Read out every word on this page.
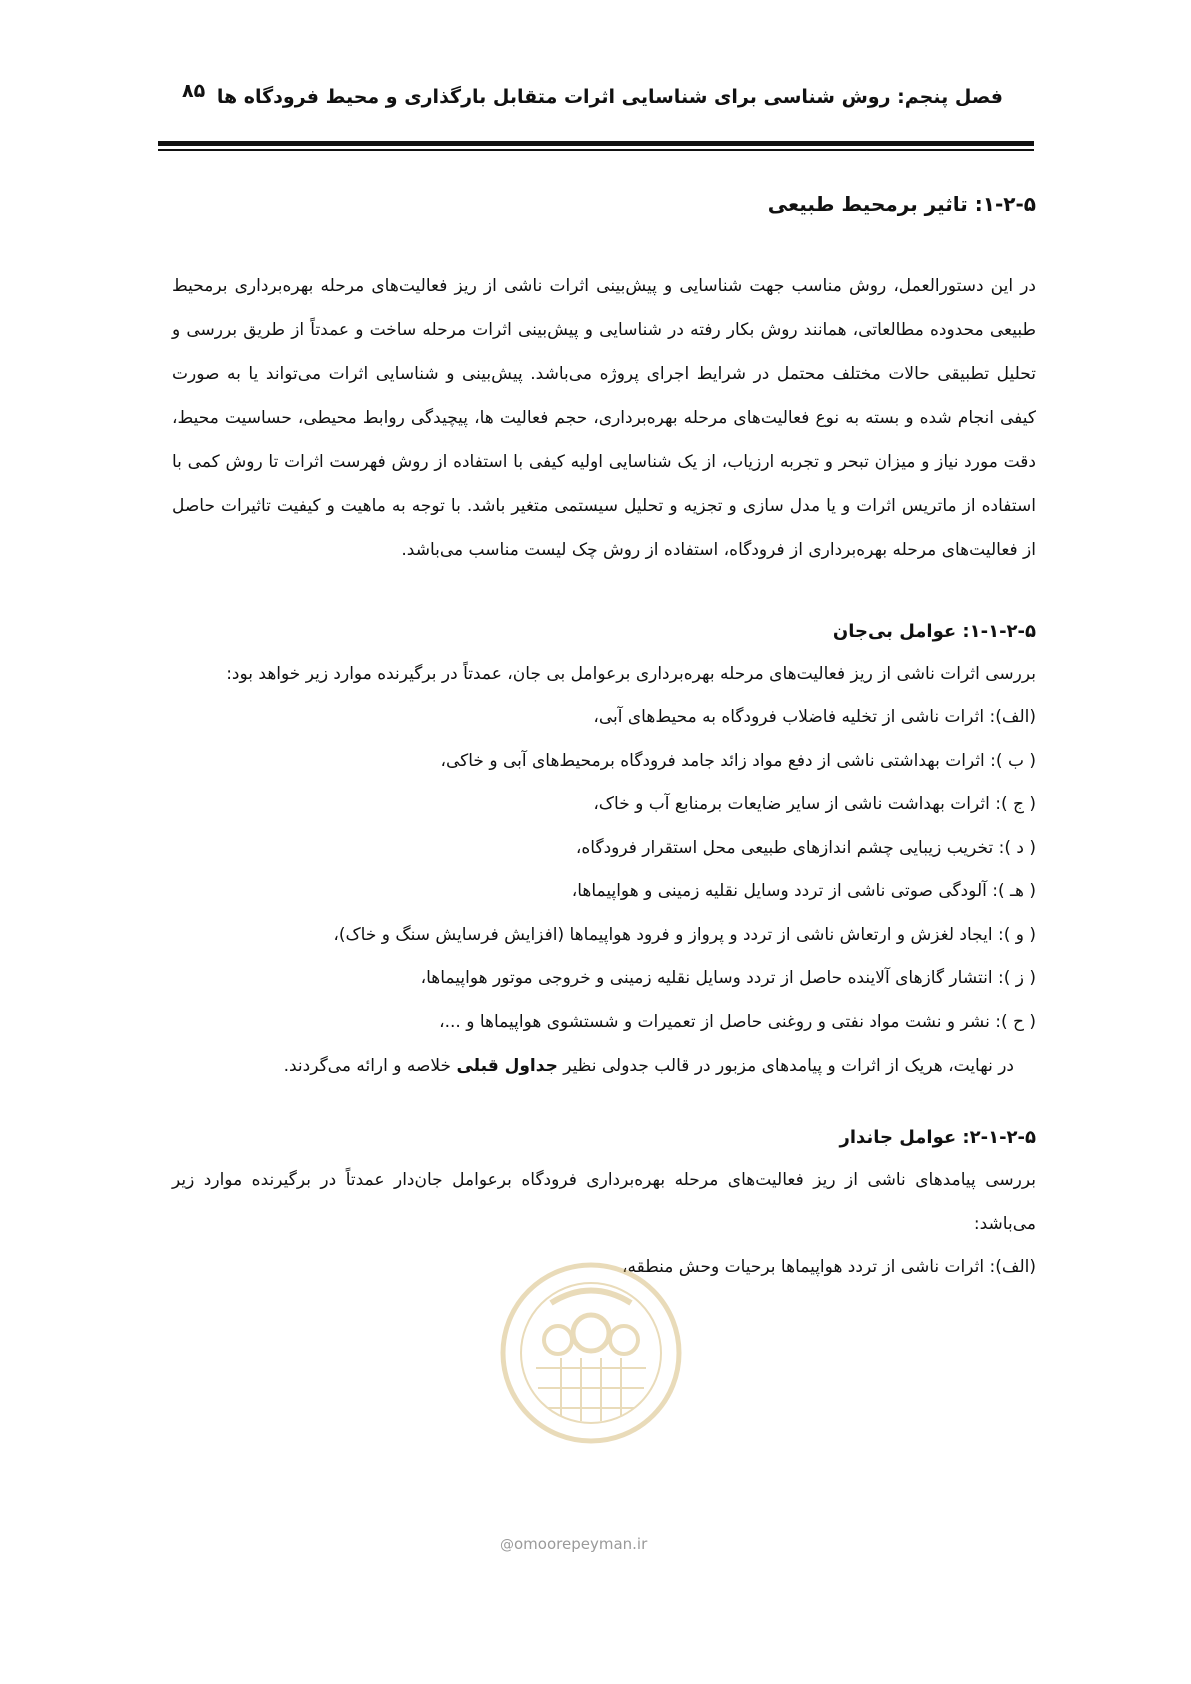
۸۵ فصل پنجم: روش شناسی برای شناسایی اثرات متقابل بارگذاری و محیط فرودگاه ها
۱-۲-۵: تاثیر برمحیط طبیعی

در این دستورالعمل، روش مناسب جهت شناسایی و پیش‌بینی اثرات ناشی از ریز فعالیت‌های مرحله بهره‌برداری برمحیط طبیعی محدوده مطالعاتی، همانند روش بکار رفته در شناسایی و پیش‌بینی اثرات مرحله ساخت و عمدتاً از طریق بررسی و تحلیل تطبیقی حالات مختلف محتمل در شرایط اجرای پروژه می‌باشد. پیش‌بینی و شناسایی اثرات می‌تواند یا به صورت کیفی انجام شده و بسته به نوع فعالیت‌های مرحله بهره‌برداری، حجم فعالیت ها، پیچیدگی روابط محیطی، حساسیت محیط، دقت مورد نیاز و میزان تبحر و تجربه ارزیاب، از یک شناسایی اولیه کیفی با استفاده از روش فهرست اثرات تا روش کمی با استفاده از ماتریس اثرات و یا مدل سازی و تجزیه و تحلیل سیستمی متغیر باشد. با توجه به ماهیت و کیفیت تاثیرات حاصل از فعالیت‌های مرحله بهره‌برداری از فرودگاه، استفاده از روش چک لیست مناسب می‌باشد.

۱-۱-۲-۵: عوامل بی‌جان

بررسی اثرات ناشی از ریز فعالیت‌های مرحله بهره‌برداری برعوامل بی جان، عمدتاً در برگیرنده موارد زیر خواهد بود:

(الف): اثرات ناشی از تخلیه فاضلاب فرودگاه به محیط‌های آبی،
( ب ): اثرات بهداشتی ناشی از دفع مواد زائد جامد فرودگاه برمحیط‌های آبی و خاکی،
( ج ): اثرات بهداشت ناشی از سایر ضایعات برمنابع آب و خاک،
( د ): تخریب زیبایی چشم اندازهای طبیعی محل استقرار فرودگاه،
( هـ ): آلودگی صوتی ناشی از تردد وسایل نقلیه زمینی و هواپیماها،
( و ): ایجاد لغزش و ارتعاش ناشی از تردد و پرواز و فرود هواپیماها (افزایش فرسایش سنگ و خاک)،
( ز ): انتشار گازهای آلاینده حاصل از تردد وسایل نقلیه زمینی و خروجی موتور هواپیماها،
( ح ): نشر و نشت مواد نفتی و روغنی حاصل از تعمیرات و شستشوی هواپیماها و ...،

در نهایت، هریک از اثرات و پیامدهای مزبور در قالب جدولی نظیر جداول قبلی خلاصه و ارائه می‌گردند.

۲-۱-۲-۵: عوامل جاندار

بررسی پیامدهای ناشی از ریز فعالیت‌های مرحله بهره‌برداری فرودگاه برعوامل جان‌دار عمدتاً در برگیرنده موارد زیر می‌باشد:

(الف): اثرات ناشی از تردد هواپیماها برحیات وحش منطقه،
@omoorepeyman.ir
